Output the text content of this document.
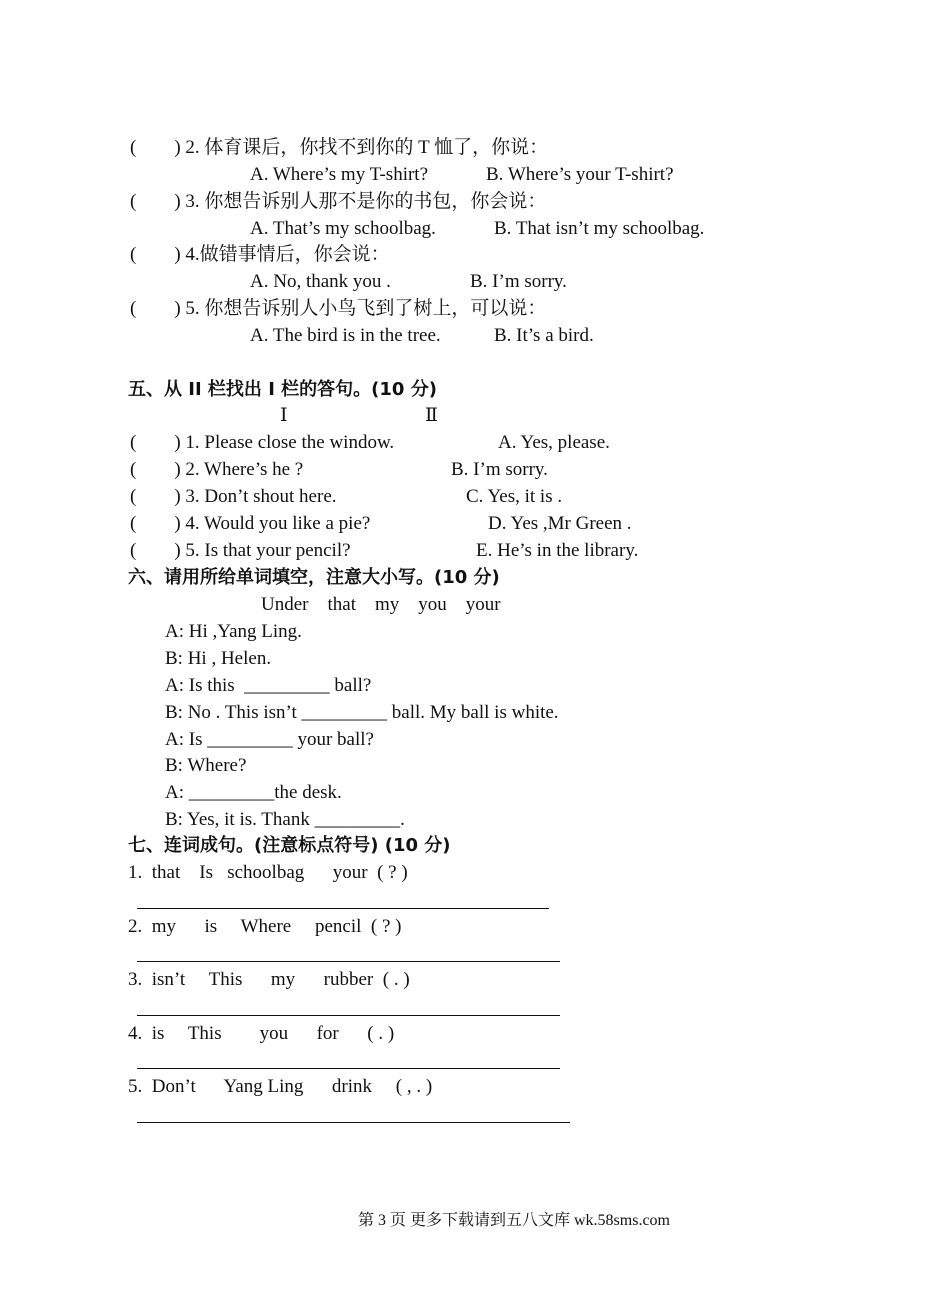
(　　) 2. 体育课后，你找不到你的 T 恤了，你说：
A. Where’s my T-shirt?	B. Where’s your T-shirt?
(　　) 3. 你想告诉别人那不是你的书包，你会说：
A. That’s my schoolbag.	B. That isn’t my schoolbag.
(　　) 4.做错事情后，你会说：
A. No, thank you .	B. I’m sorry.
(　　) 5. 你想告诉别人小鸟飞到了树上，可以说：
A. The bird is in the tree.	B. It’s a bird.
五、从 II 栏找出 I 栏的答句。(10 分)
Ⅰ	Ⅱ
(　　) 1. Please close the window.	A. Yes, please.
(　　) 2. Where’s he ?	B. I’m sorry.
(　　) 3. Don’t shout here.	C. Yes, it is .
(　　) 4. Would you like a pie?	D. Yes ,Mr Green .
(　　) 5. Is that your pencil?	E. He’s in the library.
六、请用所给单词填空，注意大小写。(10 分)
Under    that    my    you    your
A: Hi ,Yang Ling.
B: Hi , Helen.
A: Is this  _________ ball?
B: No . This isn’t _________ ball. My ball is white.
A: Is _________ your ball?
B: Where?
A: _________the desk.
B: Yes, it is. Thank _________.
七、连词成句。(注意标点符号) (10 分)
1.  that    Is   schoolbag      your  ( ? )
2.  my      is     Where     pencil  ( ? )
3.  isn’t     This      my      rubber  ( . )
4.  is     This        you      for      ( . )
5.  Don’t      Yang Ling      drink     ( , . )
第 3 页 更多下载请到五八文库 wk.58sms.com
